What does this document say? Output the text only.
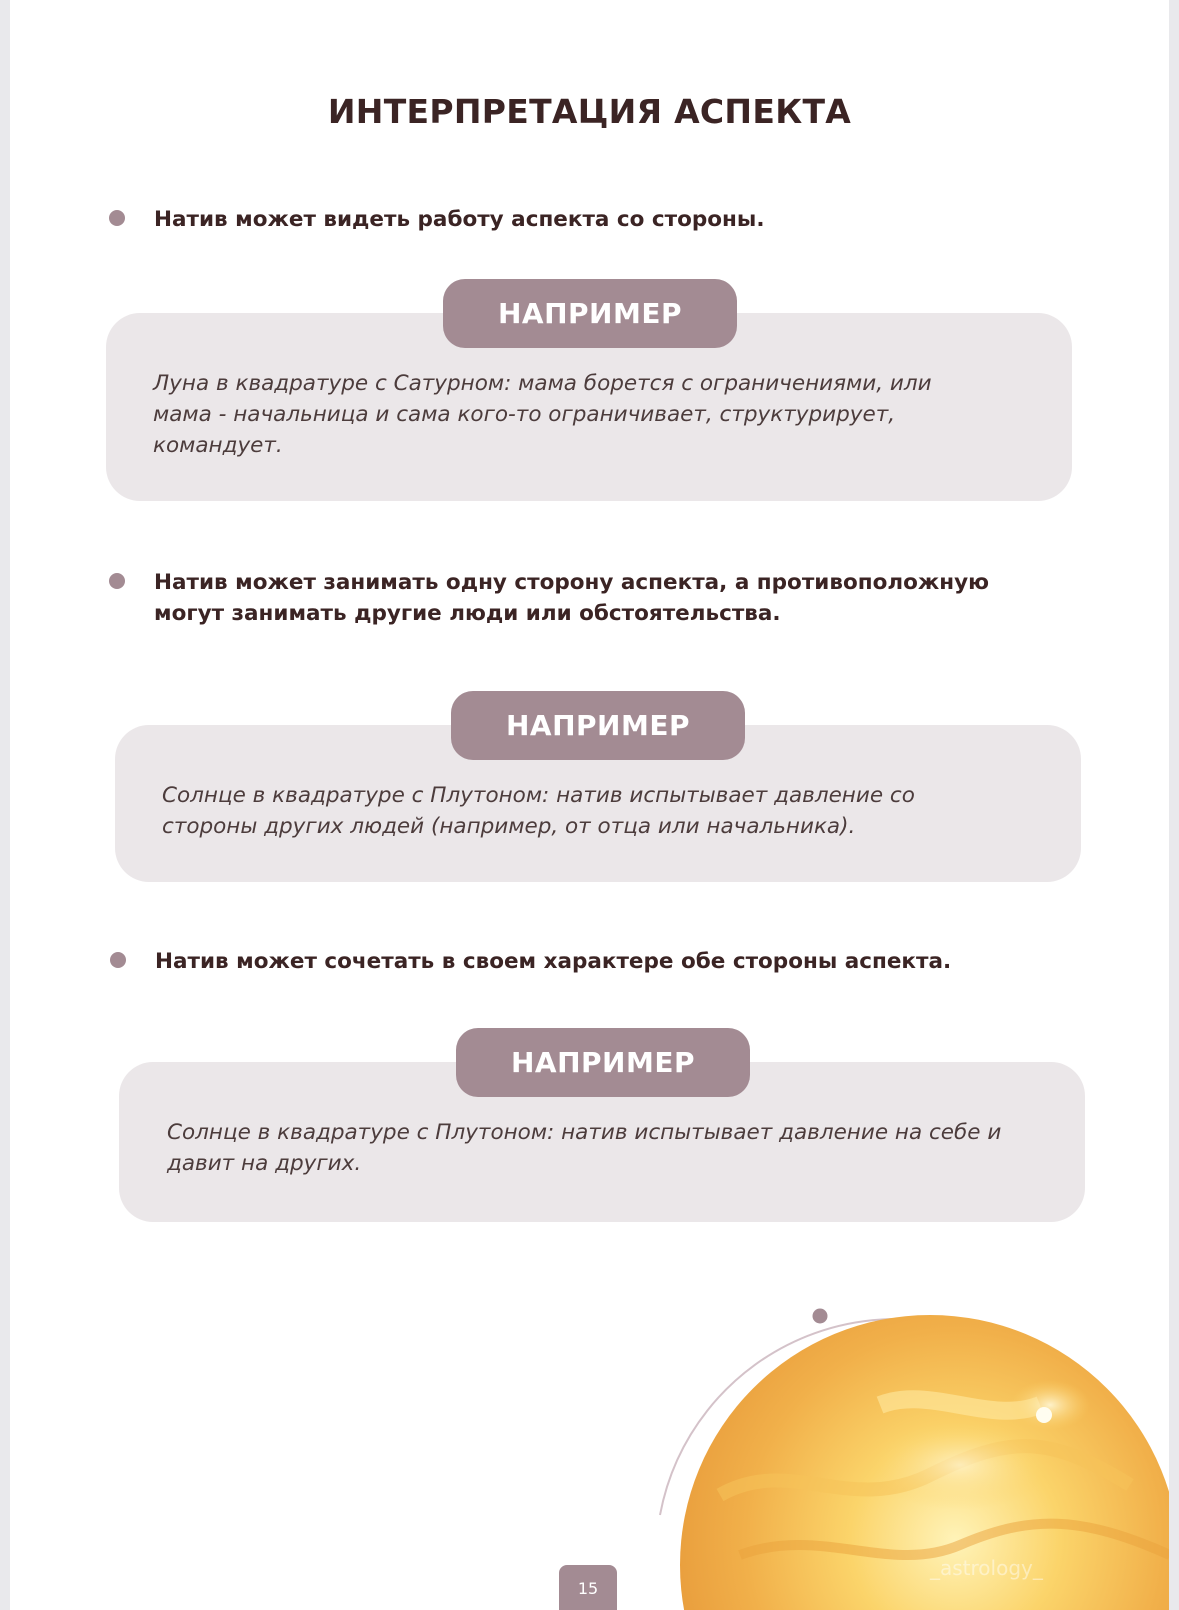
ИНТЕРПРЕТАЦИЯ АСПЕКТА
Натив может видеть работу аспекта со стороны.
Луна в квадратуре с Сатурном: мама борется с ограничениями, или мама - начальница и сама кого-то ограничивает, структурирует, командует.
НАПРИМЕР
Натив может занимать одну сторону аспекта, а противоположную могут занимать другие люди или обстоятельства.
Солнце в квадратуре с Плутоном: натив испытывает давление со стороны других людей (например, от отца или начальника).
НАПРИМЕР
Натив может сочетать в своем характере обе стороны аспекта.
Солнце в квадратуре с Плутоном: натив испытывает давление на себе и давит на других.
НАПРИМЕР
_astrology_
15
